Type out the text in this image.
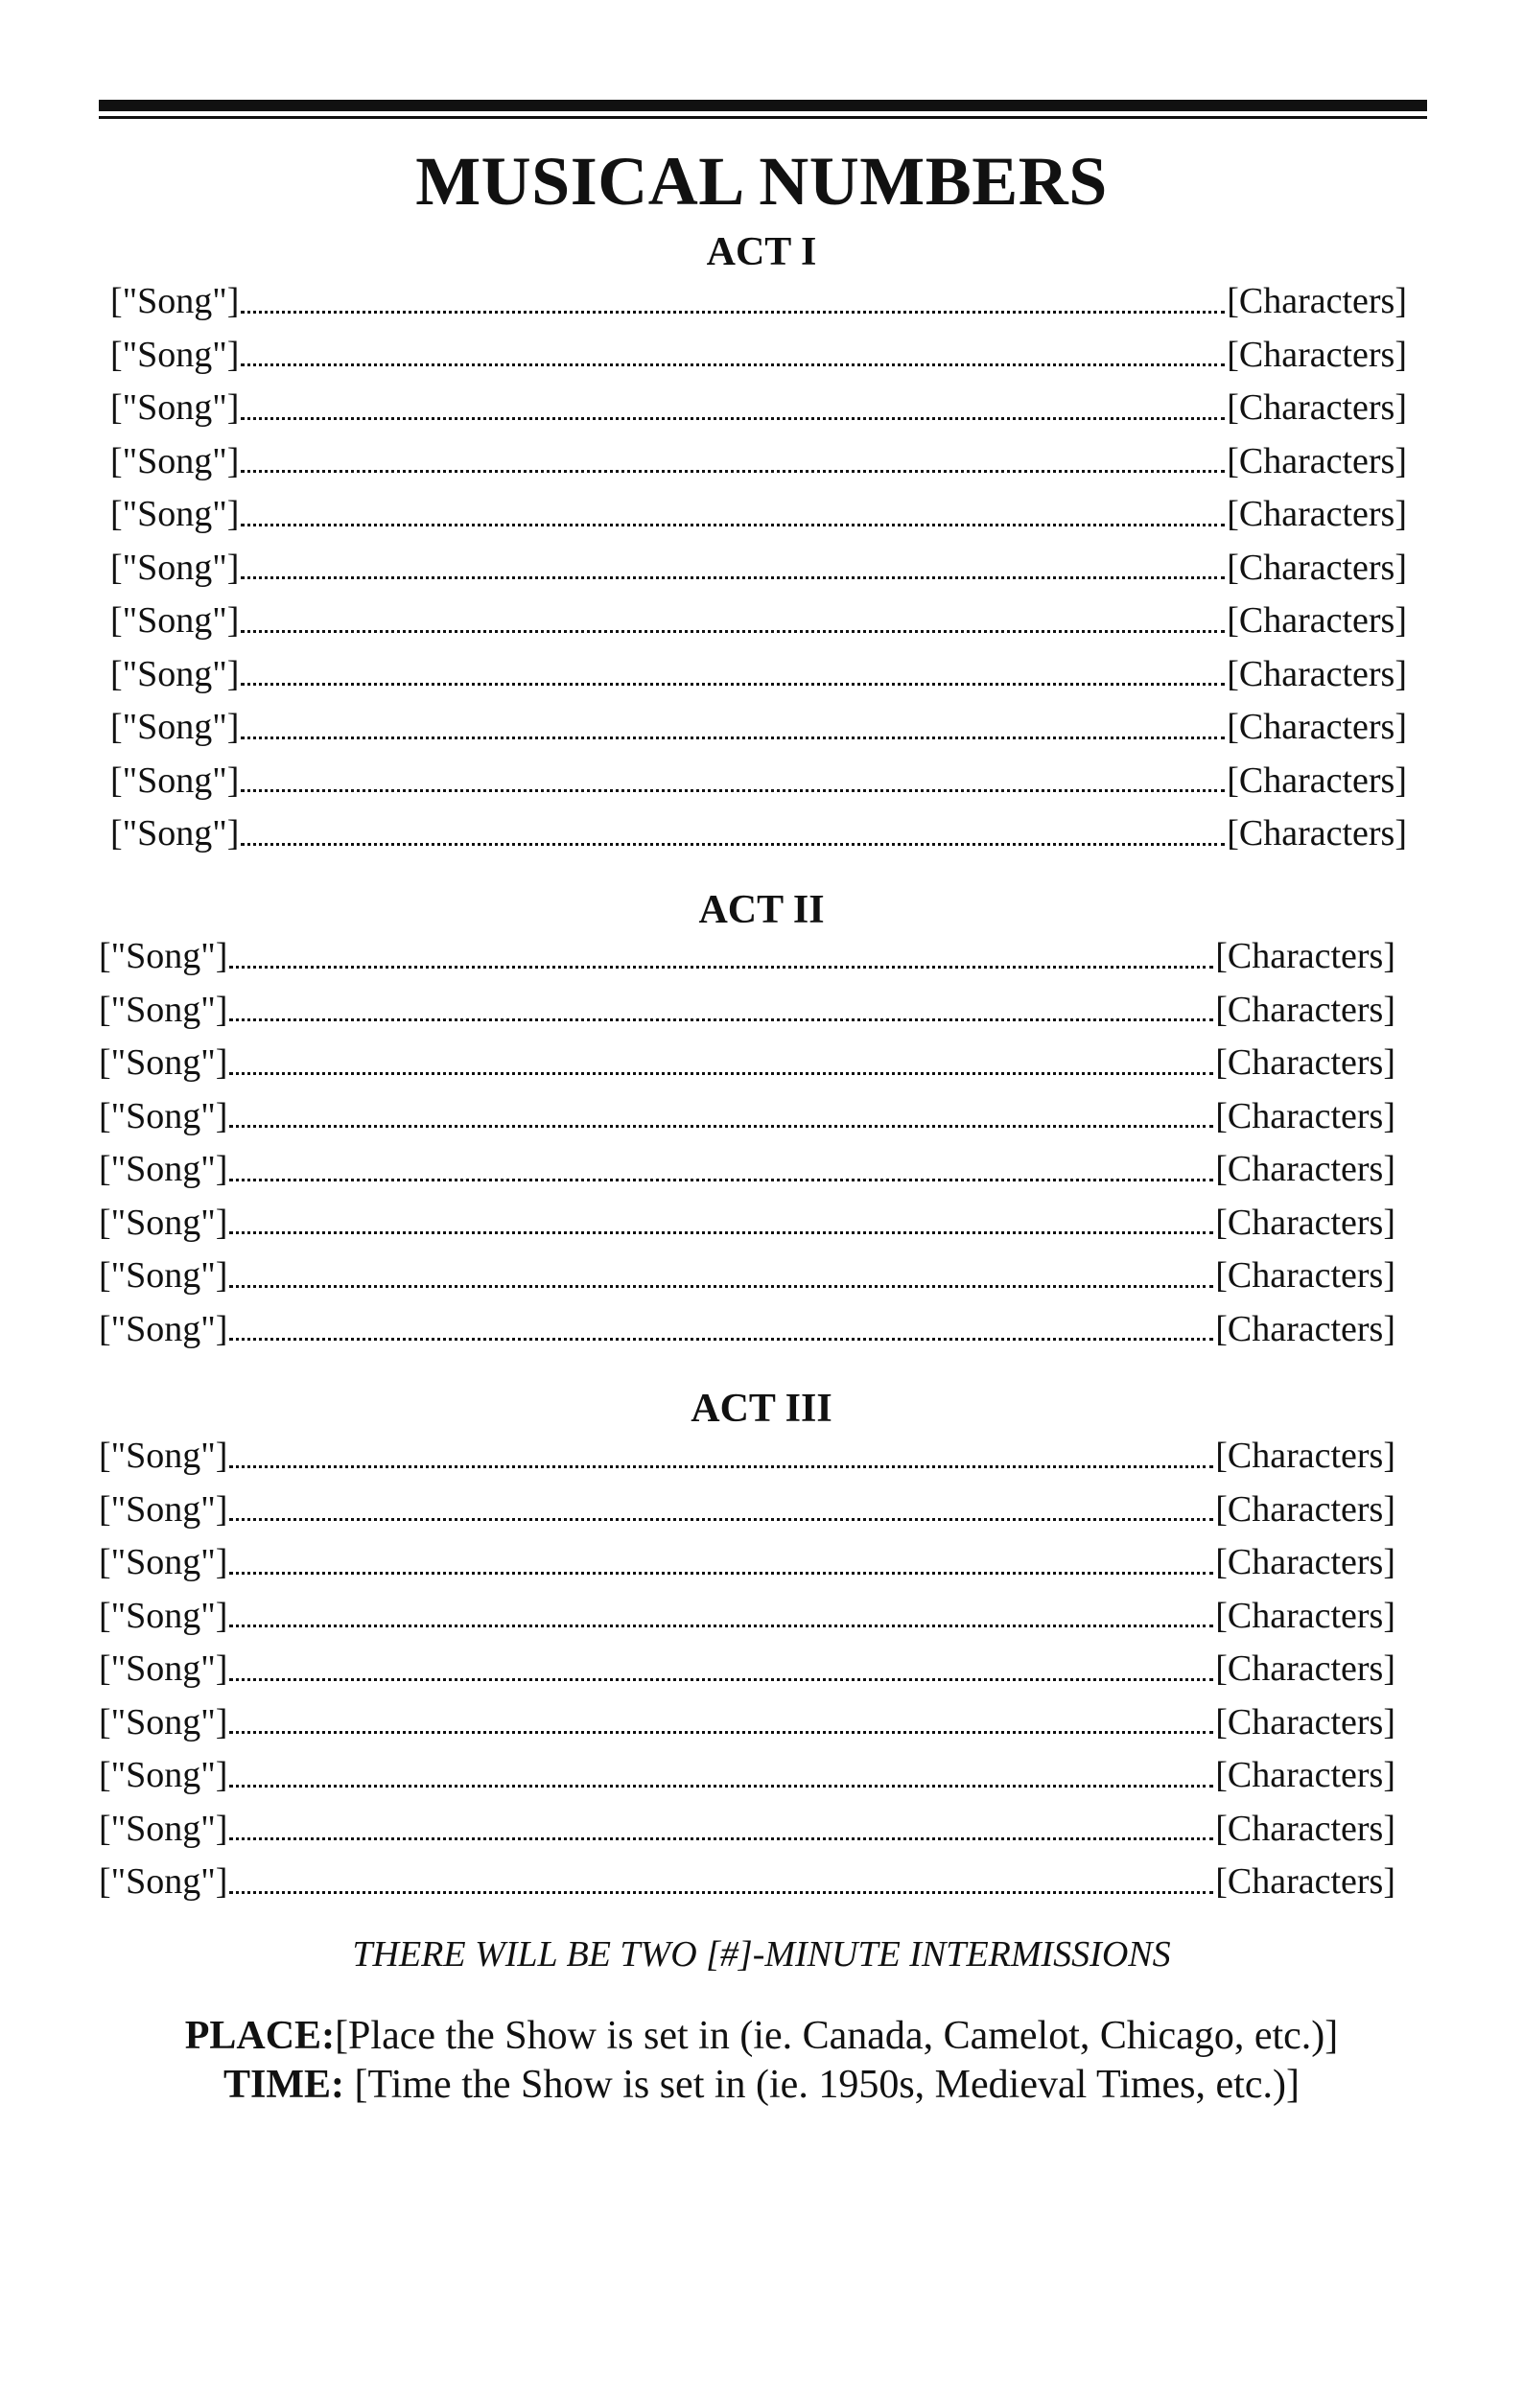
MUSICAL NUMBERS
ACT I
["Song"]	[Characters]
["Song"]	[Characters]
["Song"]	[Characters]
["Song"]	[Characters]
["Song"]	[Characters]
["Song"]	[Characters]
["Song"]	[Characters]
["Song"]	[Characters]
["Song"]	[Characters]
["Song"]	[Characters]
["Song"]	[Characters]
ACT II
["Song"]	[Characters]
["Song"]	[Characters]
["Song"]	[Characters]
["Song"]	[Characters]
["Song"]	[Characters]
["Song"]	[Characters]
["Song"]	[Characters]
["Song"]	[Characters]
ACT III
["Song"]	[Characters]
["Song"]	[Characters]
["Song"]	[Characters]
["Song"]	[Characters]
["Song"]	[Characters]
["Song"]	[Characters]
["Song"]	[Characters]
["Song"]	[Characters]
["Song"]	[Characters]
THERE WILL BE TWO [#]-MINUTE INTERMISSIONS
PLACE:[Place the Show is set in (ie. Canada, Camelot, Chicago, etc.)]
TIME: [Time the Show is set in (ie. 1950s, Medieval Times, etc.)]
